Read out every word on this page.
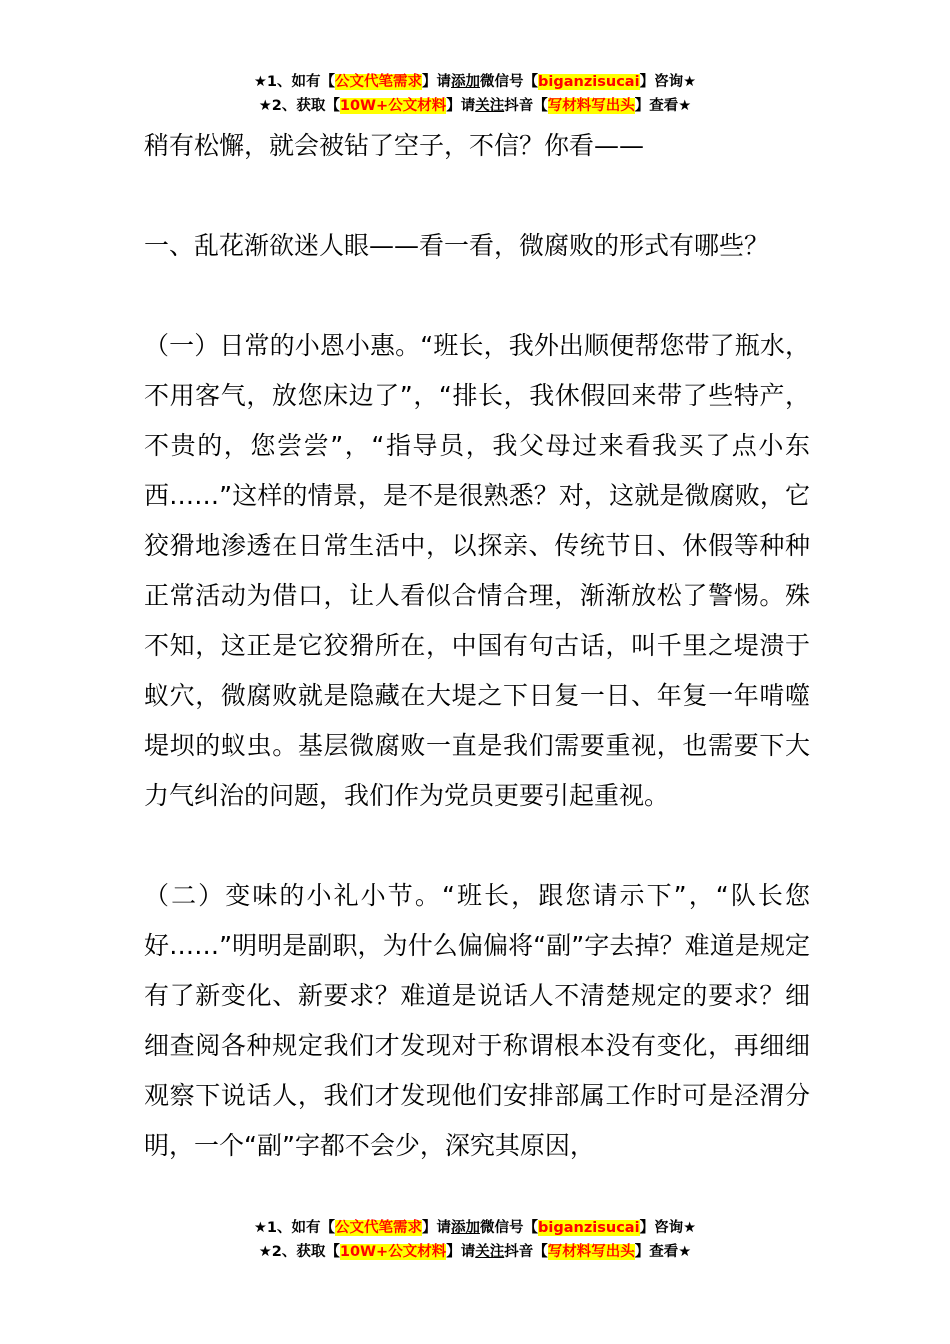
★1、如有【公文代笔需求】请添加微信号【biganzisucai】咨询★
★2、获取【10W+公文材料】请关注抖音【写材料写出头】查看★

稍有松懈，就会被钻了空子，不信？你看——

一、乱花渐欲迷人眼——看一看，微腐败的形式有哪些？

（一）日常的小恩小惠。“班长，我外出顺便帮您带了瓶水，不用客气，放您床边了”，“排长，我休假回来带了些特产，不贵的，您尝尝”，“指导员，我父母过来看我买了点小东西……”这样的情景，是不是很熟悉？对，这就是微腐败，它狡猾地渗透在日常生活中，以探亲、传统节日、休假等种种正常活动为借口，让人看似合情合理，渐渐放松了警惕。殊不知，这正是它狡猾所在，中国有句古话，叫千里之堤溃于蚁穴，微腐败就是隐藏在大堤之下日复一日、年复一年啃噬堤坝的蚁虫。基层微腐败一直是我们需要重视，也需要下大力气纠治的问题，我们作为党员更要引起重视。

（二）变味的小礼小节。“班长，跟您请示下”，“队长您好……”明明是副职，为什么偏偏将“副”字去掉？难道是规定有了新变化、新要求？难道是说话人不清楚规定的要求？细细查阅各种规定我们才发现对于称谓根本没有变化，再细细观察下说话人，我们才发现他们安排部属工作时可是泾渭分明，一个“副”字都不会少，深究其原因，

★1、如有【公文代笔需求】请添加微信号【biganzisucai】咨询★
★2、获取【10W+公文材料】请关注抖音【写材料写出头】查看★
